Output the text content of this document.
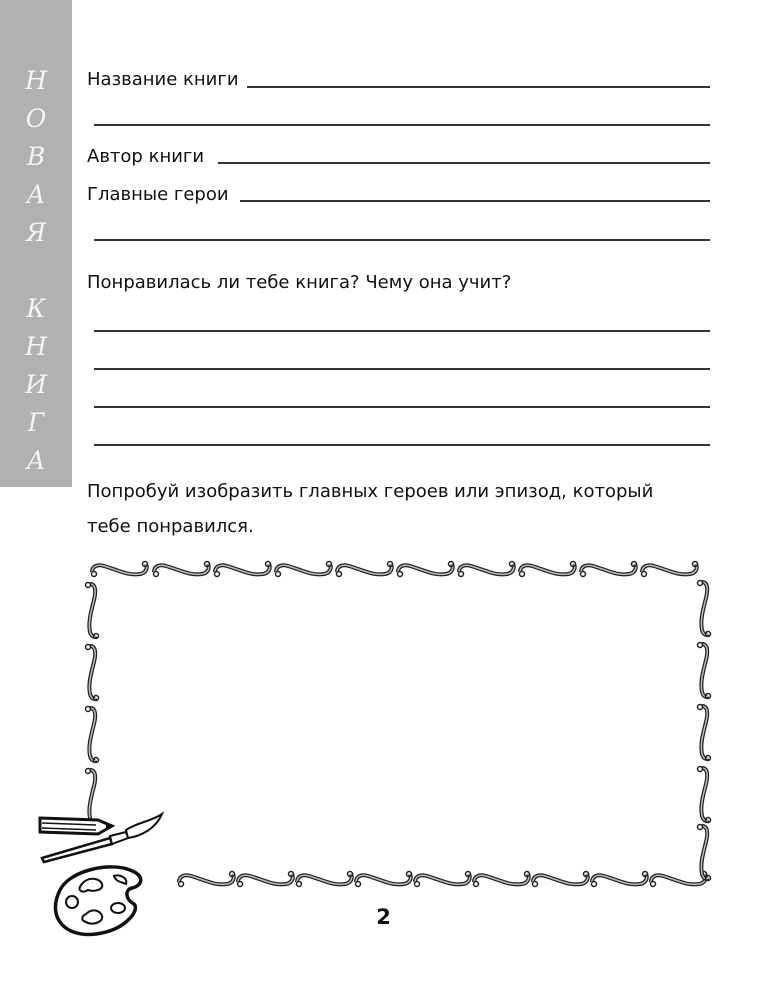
Н
О
В
А
Я
К
Н
И
Г
А
Название книги
Автор книги
Главные герои
Понравилась ли тебе книга? Чему она учит?
Попробуй изобразить главных героев или эпизод, который
тебе понравился.
2
